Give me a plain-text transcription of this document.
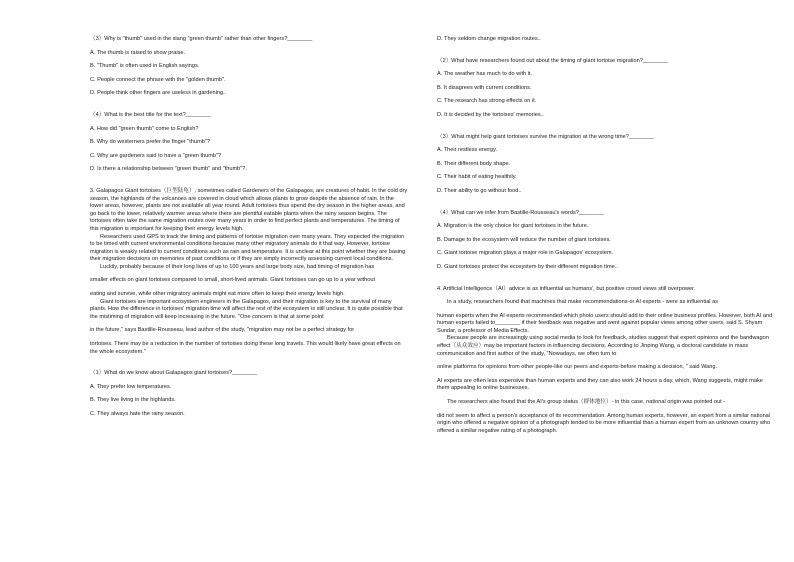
（3）Why is "thumb" used in the slang "green thumb" rather than other fingers?________

A. The thumb is raised to show praise.

B. "Thumb" is often used in English sayings.

C. People connect the phrase with the "golden thumb".

D. People think other fingers are useless in gardening..

（4）What is the best title for the text?________

A. How did "green thumb" come to English?

B. Why do westerners prefer the finger "thumb"?

C. Why are gardeners said to have a "green thumb"?

D. Is there a relationship between "green thumb" and "thumb"?.

3. Galapagos Giant tortoises（巨型陆龟）, sometimes called Gardeners of the Galapagos, are creatures of habit. In the cold dry season, the highlands of the volcanoes are covered in cloud which allows plants to grow despite the absence of rain. In the lower areas, however, plants are not available all year round. Adult tortoises thus spend the dry season in the higher areas, and go back to the lower, relatively warmer areas where there are plentiful eatable plants when the rainy season begins. The tortoises often take the same migration routes over many years in order to find perfect plants and temperatures. The timing of this migration is important for keeping their energy levels high.

Researchers used GPS to track the timing and patterns of tortoise migration over many years. They expected the migration to be timed with current environmental conditions because many other migratory animals do it that way. However, tortoise migration is weakly related to current conditions such as rain and temperature. It is unclear at this point whether they are basing their migration decisions on memories of past conditions or if they are simply incorrectly assessing current local conditions.

Luckily, probably because of their long lives of up to 100 years and large body size, bad timing of migration has

smaller effects on giant tortoises compared to small, short-lived animals. Giant tortoises can go up to a year without

eating and survive, while other migratory animals might eat more often to keep their energy levels high.

Giant tortoises are important ecosystem engineers in the Galapagos, and their migration is key to the survival of many plants. How the difference in tortoises' migration time will affect the rest of the ecosystem is still unclear. It is quite possible that the mistiming of migration will keep increasing in the future. "One concern is that at some point

in the future," says Bastille-Rousseau, lead author of the study, "migration may not be a perfect strategy for

tortoises. There may be a reduction in the number of tortoises doing these long travels. This would likely have great effects on the whole ecosystem."

（1）What do we know about Galapagos giant tortoises?________

A. They prefer low temperatures.

B. They live living in the highlands.

C. They always hate the rainy season.

D. They seldom change migration routes..

（2）What have researchers found out about the timing of giant tortoise migration?________

A. The weather has much to do with it.

B. It disagrees with current conditions.

C. The research has strong effects on it.

D. It is decided by the tortoises' memories..

（3）What might help giant tortoises survive the migration at the wrong time?________

A. Their restless energy.

B. Their different body shape.

C. Their habit of eating healthily.

D. Their ability to go without food..

（4）What can we infer from Bastille-Rousseau's words?________

A. Migration is the only choice for giant tortoises in the future.

B. Damage to the ecosystem will reduce the number of giant tortoises.

C. Giant tortoise migration plays a major role in Galapagos' ecosystem.

D. Giant tortoises protect the ecosystem by their different migration time..

4. Artificial Intelligence（AI）advice is as influential as humans', but positive crowd views still overpower.

In a study, researchers found that machines that make recommendations-or AI experts - were as influential as

human experts when the AI experts recommended which photo users should add to their online business profiles. However, both AI and human experts failed to________ if their feedback was negative and went against popular views among other users, said S. Shyam Sundar, a professor of Media Effects.

Because people are increasingly using social media to look for feedback, studies suggest that expert opinions and the bandwagon effect（从众效应）may be important factors in influencing decisions. According to Jinping Wang, a doctoral candidate in mass communication and first author of the study, "Nowadays, we often turn to

online platforms for opinions from other people-like our peers and experts-before making a decision, " said Wang.

AI experts are often less expensive than human experts and they can also work 24 hours a day, which, Wang suggests, might make them appealing to online businesses.

The researchers also found that the AI's group status（群体地位）- in this case, national origin was pointed out -

did not seem to affect a person's acceptance of its recommendation. Among human experts, however, an expert from a similar national origin who offered a negative opinion of a photograph tended to be more influential than a human expert from an unknown country who offered a similar negative rating of a photograph.
